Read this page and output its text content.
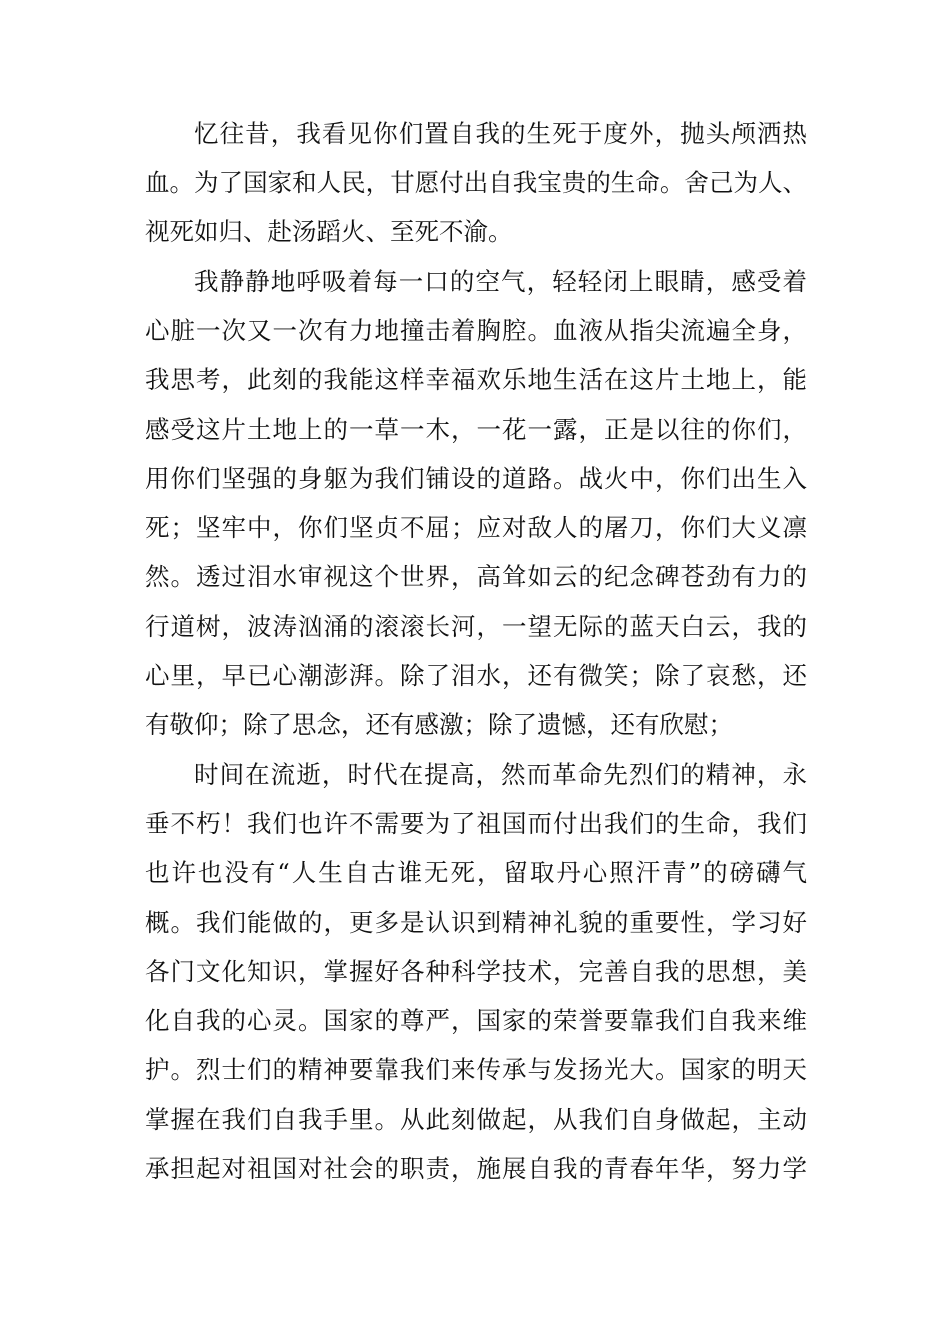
忆往昔，我看见你们置自我的生死于度外，抛头颅洒热
血。为了国家和人民，甘愿付出自我宝贵的生命。舍己为人、
视死如归、赴汤蹈火、至死不渝。
我静静地呼吸着每一口的空气，轻轻闭上眼睛，感受着
心脏一次又一次有力地撞击着胸腔。血液从指尖流遍全身，
我思考，此刻的我能这样幸福欢乐地生活在这片土地上，能
感受这片土地上的一草一木，一花一露，正是以往的你们，
用你们坚强的身躯为我们铺设的道路。战火中，你们出生入
死；坚牢中，你们坚贞不屈；应对敌人的屠刀，你们大义凛
然。透过泪水审视这个世界，高耸如云的纪念碑苍劲有力的
行道树，波涛汹涌的滚滚长河，一望无际的蓝天白云，我的
心里，早已心潮澎湃。除了泪水，还有微笑；除了哀愁，还
有敬仰；除了思念，还有感激；除了遗憾，还有欣慰；
时间在流逝，时代在提高，然而革命先烈们的精神，永
垂不朽！我们也许不需要为了祖国而付出我们的生命，我们
也许也没有“人生自古谁无死，留取丹心照汗青”的磅礴气
概。我们能做的，更多是认识到精神礼貌的重要性，学习好
各门文化知识，掌握好各种科学技术，完善自我的思想，美
化自我的心灵。国家的尊严，国家的荣誉要靠我们自我来维
护。烈士们的精神要靠我们来传承与发扬光大。国家的明天
掌握在我们自我手里。从此刻做起，从我们自身做起，主动
承担起对祖国对社会的职责，施展自我的青春年华，努力学
